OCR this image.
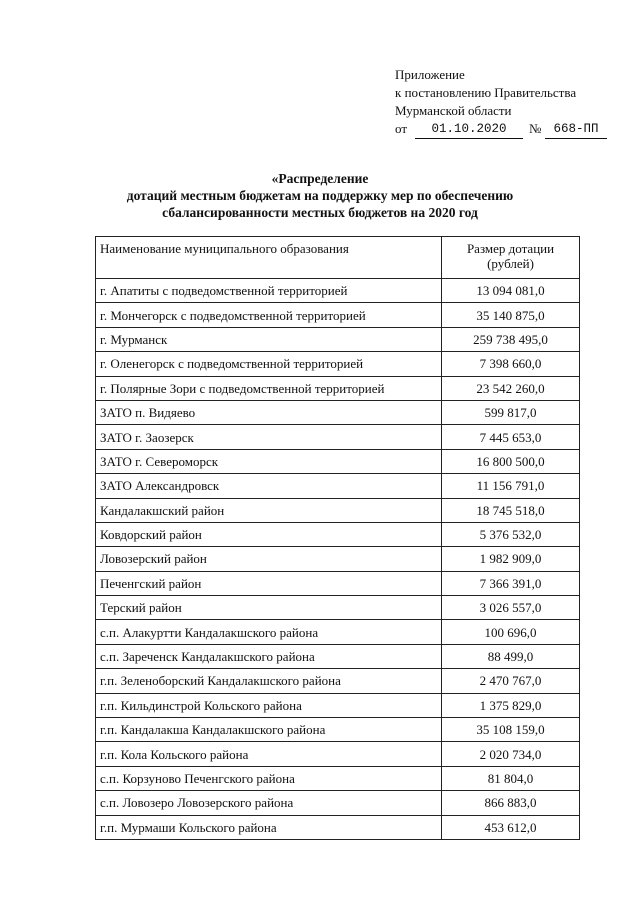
Приложение
к постановлению Правительства
Мурманской области
от	01.10.2020	№ 668-ПП
«Распределение
дотаций местным бюджетам на поддержку мер по обеспечению
сбалансированности местных бюджетов на 2020 год
Наименование муниципального образования	Размер дотации
(рублей)

г. Апатиты с подведомственной территорией	13 094 081,0
г. Мончегорск с подведомственной территорией	35 140 875,0
г. Мурманск	259 738 495,0
г. Оленегорск с подведомственной территорией	7 398 660,0
г. Полярные Зори с подведомственной территорией	23 542 260,0
ЗАТО п. Видяево	599 817,0
ЗАТО г. Заозерск	7 445 653,0
ЗАТО г. Североморск	16 800 500,0
ЗАТО Александровск	11 156 791,0
Кандалакшский район	18 745 518,0
Ковдорский район	5 376 532,0
Ловозерский район	1 982 909,0
Печенгский район	7 366 391,0
Терский район	3 026 557,0
с.п. Алакуртти Кандалакшского района	100 696,0
с.п. Зареченск Кандалакшского района	88 499,0
г.п. Зеленоборский Кандалакшского района	2 470 767,0
г.п. Кильдинстрой Кольского района	1 375 829,0
г.п. Кандалакша Кандалакшского района	35 108 159,0
г.п. Кола Кольского района	2 020 734,0
с.п. Корзуново Печенгского района	81 804,0
с.п. Ловозеро Ловозерского района	866 883,0
г.п. Мурмаши Кольского района	453 612,0
